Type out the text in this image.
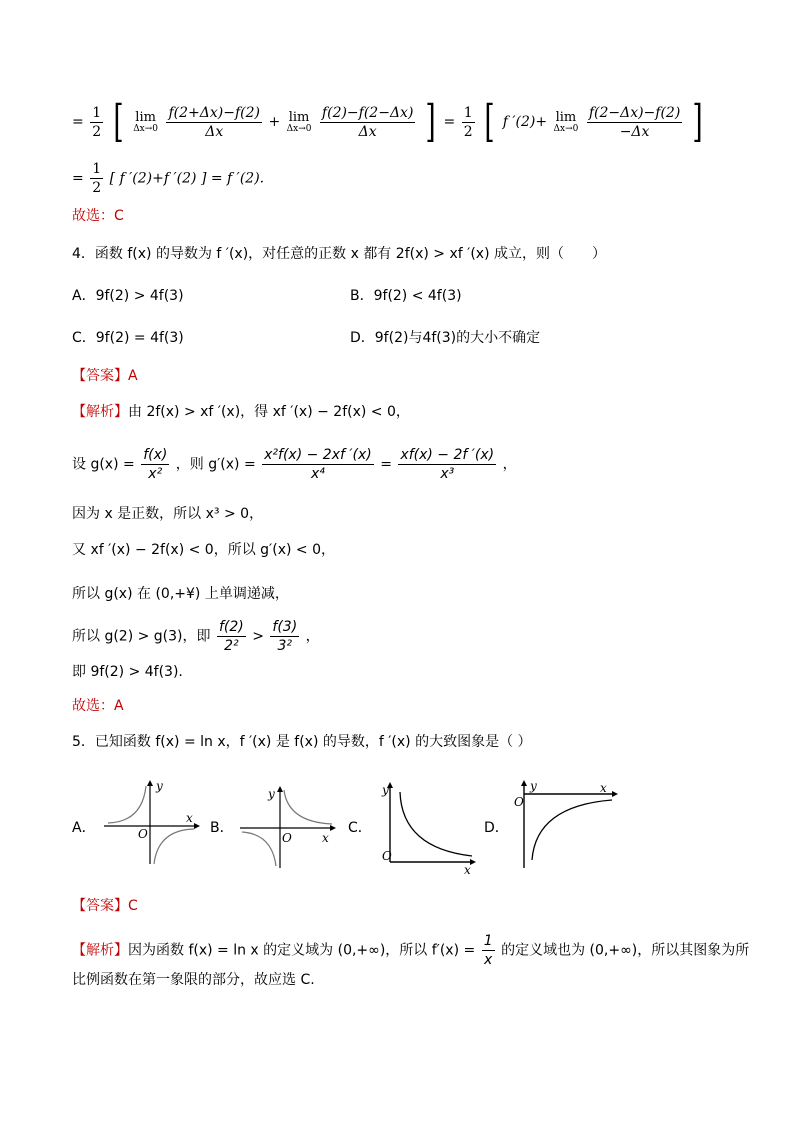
= $\frac{1}{2}$ [ lim
Δx→0
$\frac{f(2+\Delta x)-f(2)}{\Delta x} + \lim$
Δx→0
$\frac{f(2)-f(2-\Delta x)}{\Delta x}$ ] = $\frac{1}{2}$ [ f ′(2)+ lim
Δx→0
$\frac{f(2-\Delta x)-f(2)}{-\Delta x}$ ]
= $\frac{1}{2}$ [ f ′(2)+f ′(2) ] = f ′(2).
故选：C
4．函数 f(x) 的导数为 f ′(x)，对任意的正数 x 都有 2f(x) > xf ′(x) 成立，则（　　）
A．9f(2) > 4f(3)	B．9f(2) < 4f(3)
C．9f(2) = 4f(3)	D．9f(2)与4f(3)的大小不确定
【答案】A
【解析】由 2f(x) > xf ′(x)，得 xf ′(x) − 2f(x) < 0，
设 $g(x) = \frac{f(x)}{\text{x²}}$ ，则 $g'(x) = \frac{\text{x²f(x) − 2xf ′(x)}}{\text{x⁴}} = \frac{xf(x) - 2f '(x)}{\text{x³}}$ ，
因为 x 是正数，所以 x³ > 0，
又 xf ′(x) − 2f(x) < 0，所以 g′(x) < 0，
所以 g(x) 在 (0,+¥) 上单调递减，
所以 g(2) > g(3)，即 $\frac{f(2)}{\text{2²}} > \frac{f(3)}{\text{3²}}$ ，
即 9f(2) > 4f(3).
故选：A
5．已知函数 f(x) = ln x，f ′(x) 是 f(x) 的导数，f ′(x) 的大致图象是（ ）
A．
y
x
O	B．
y
x
O
C．
y
x
O
D．
y	x
O
【答案】C
【解析】因为函数 f(x) = ln x 的定义域为 (0,+∞)，所以 $f'(x) = \frac{1}{x}$ 的定义域也为 (0,+∞)，所以其图象为所
比例函数在第一象限的部分，故应选 C.
